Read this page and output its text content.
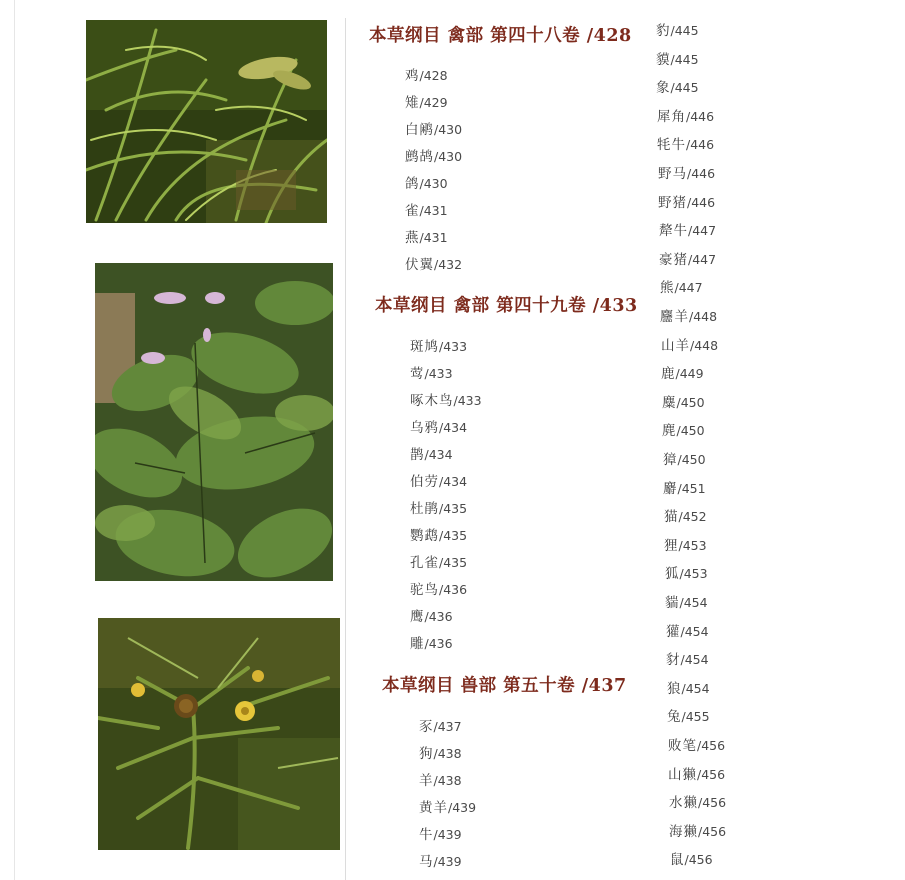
本草纲目 禽部 第四十八卷 /428
鸡/428
雉/429
白鹇/430
鹧鸪/430
鸽/430
雀/431
燕/431
伏翼/432
本草纲目 禽部 第四十九卷 /433
斑鸠/433
莺/433
啄木鸟/433
乌鸦/434
鹊/434
伯劳/434
杜鹃/435
鹦鹉/435
孔雀/435
驼鸟/436
鹰/436
雕/436
本草纲目 兽部 第五十卷 /437
豕/437
狗/438
羊/438
黄羊/439
牛/439
马/439
豹/445
貘/445
象/445
犀角/446
牦牛/446
野马/446
野猪/446
犛牛/447
豪猪/447
熊/447
麢羊/448
山羊/448
鹿/449
麋/450
麂/450
獐/450
麝/451
猫/452
狸/453
狐/453
貒/454
獾/454
豺/454
狼/454
兔/455
败笔/456
山獭/456
水獭/456
海獭/456
鼠/456
